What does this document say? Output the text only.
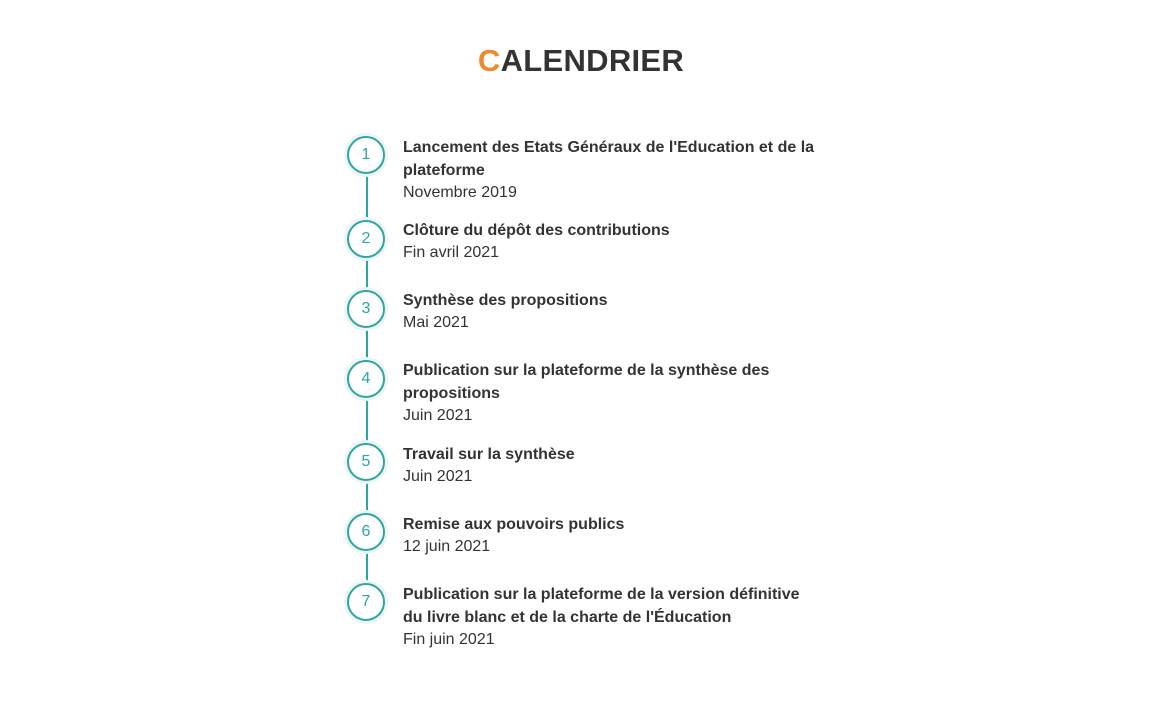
CALENDRIER
1	Lancement des Etats Généraux de l'Education et de la plateforme
Novembre 2019
2	Clôture du dépôt des contributions
Fin avril 2021
3	Synthèse des propositions
Mai 2021
4	Publication sur la plateforme de la synthèse des propositions
Juin 2021
5	Travail sur la synthèse
Juin 2021
6	Remise aux pouvoirs publics
12 juin 2021
7	Publication sur la plateforme de la version définitive du livre blanc et de la charte de l'Éducation
Fin juin 2021
